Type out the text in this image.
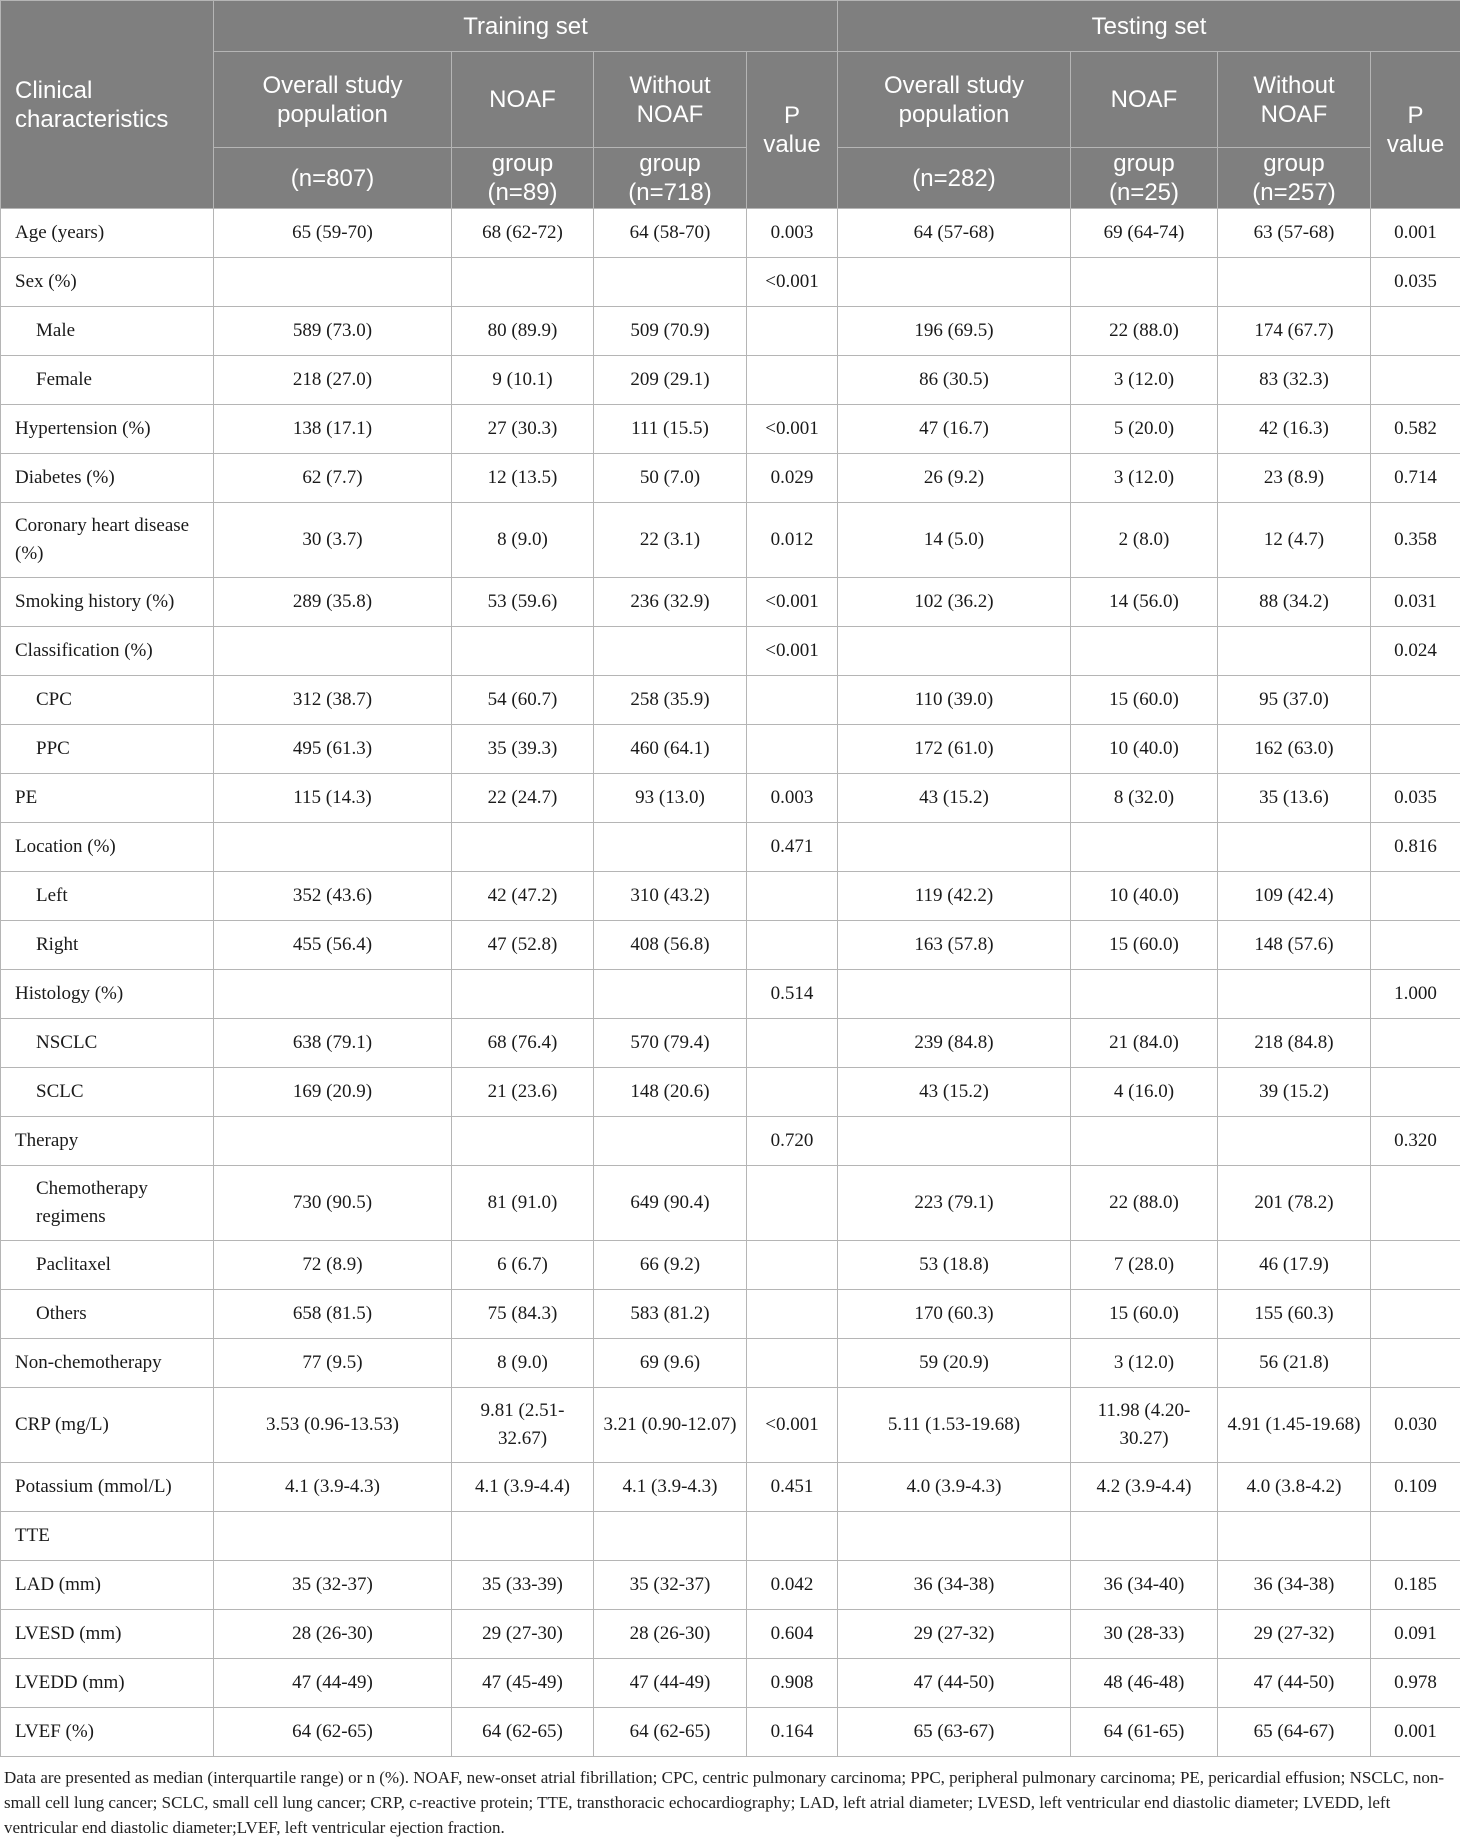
Clinical characteristics	Training set				Testing set			
	Overall study population	NOAF	Without NOAF	P value	Overall study population	NOAF	Without NOAF	P value
	(n=807)	group (n=89)	group (n=718)		(n=282)	group (n=25)	group (n=257)	
Age (years)	65 (59-70)	68 (62-72)	64 (58-70)	0.003	64 (57-68)	69 (64-74)	63 (57-68)	0.001
Sex (%)				<0.001				0.035
Male	589 (73.0)	80 (89.9)	509 (70.9)		196 (69.5)	22 (88.0)	174 (67.7)	
Female	218 (27.0)	9 (10.1)	209 (29.1)		86 (30.5)	3 (12.0)	83 (32.3)	
Hypertension (%)	138 (17.1)	27 (30.3)	111 (15.5)	<0.001	47 (16.7)	5 (20.0)	42 (16.3)	0.582
Diabetes (%)	62 (7.7)	12 (13.5)	50 (7.0)	0.029	26 (9.2)	3 (12.0)	23 (8.9)	0.714
Coronary heart disease (%)	30 (3.7)	8 (9.0)	22 (3.1)	0.012	14 (5.0)	2 (8.0)	12 (4.7)	0.358
Smoking history (%)	289 (35.8)	53 (59.6)	236 (32.9)	<0.001	102 (36.2)	14 (56.0)	88 (34.2)	0.031
Classification (%)				<0.001				0.024
CPC	312 (38.7)	54 (60.7)	258 (35.9)		110 (39.0)	15 (60.0)	95 (37.0)	
PPC	495 (61.3)	35 (39.3)	460 (64.1)		172 (61.0)	10 (40.0)	162 (63.0)	
PE	115 (14.3)	22 (24.7)	93 (13.0)	0.003	43 (15.2)	8 (32.0)	35 (13.6)	0.035
Location (%)				0.471				0.816
Left	352 (43.6)	42 (47.2)	310 (43.2)		119 (42.2)	10 (40.0)	109 (42.4)	
Right	455 (56.4)	47 (52.8)	408 (56.8)		163 (57.8)	15 (60.0)	148 (57.6)	
Histology (%)				0.514				1.000
NSCLC	638 (79.1)	68 (76.4)	570 (79.4)		239 (84.8)	21 (84.0)	218 (84.8)	
SCLC	169 (20.9)	21 (23.6)	148 (20.6)		43 (15.2)	4 (16.0)	39 (15.2)	
Therapy				0.720				0.320
Chemotherapy regimens	730 (90.5)	81 (91.0)	649 (90.4)		223 (79.1)	22 (88.0)	201 (78.2)	
Paclitaxel	72 (8.9)	6 (6.7)	66 (9.2)		53 (18.8)	7 (28.0)	46 (17.9)	
Others	658 (81.5)	75 (84.3)	583 (81.2)		170 (60.3)	15 (60.0)	155 (60.3)	
Non-chemotherapy	77 (9.5)	8 (9.0)	69 (9.6)		59 (20.9)	3 (12.0)	56 (21.8)	
CRP (mg/L)	3.53 (0.96-13.53)	9.81 (2.51-32.67)	3.21 (0.90-12.07)	<0.001	5.11 (1.53-19.68)	11.98 (4.20-30.27)	4.91 (1.45-19.68)	0.030
Potassium (mmol/L)	4.1 (3.9-4.3)	4.1 (3.9-4.4)	4.1 (3.9-4.3)	0.451	4.0 (3.9-4.3)	4.2 (3.9-4.4)	4.0 (3.8-4.2)	0.109
TTE								
LAD (mm)	35 (32-37)	35 (33-39)	35 (32-37)	0.042	36 (34-38)	36 (34-40)	36 (34-38)	0.185
LVESD (mm)	28 (26-30)	29 (27-30)	28 (26-30)	0.604	29 (27-32)	30 (28-33)	29 (27-32)	0.091
LVEDD (mm)	47 (44-49)	47 (45-49)	47 (44-49)	0.908	47 (44-50)	48 (46-48)	47 (44-50)	0.978
LVEF (%)	64 (62-65)	64 (62-65)	64 (62-65)	0.164	65 (63-67)	64 (61-65)	65 (64-67)	0.001
Data are presented as median (interquartile range) or n (%). NOAF, new-onset atrial fibrillation; CPC, centric pulmonary carcinoma; PPC, peripheral pulmonary carcinoma; PE, pericardial effusion; NSCLC, non-small cell lung cancer; SCLC, small cell lung cancer; CRP, c-reactive protein; TTE, transthoracic echocardiography; LAD, left atrial diameter; LVESD, left ventricular end diastolic diameter; LVEDD, left ventricular end diastolic diameter;LVEF, left ventricular ejection fraction.
